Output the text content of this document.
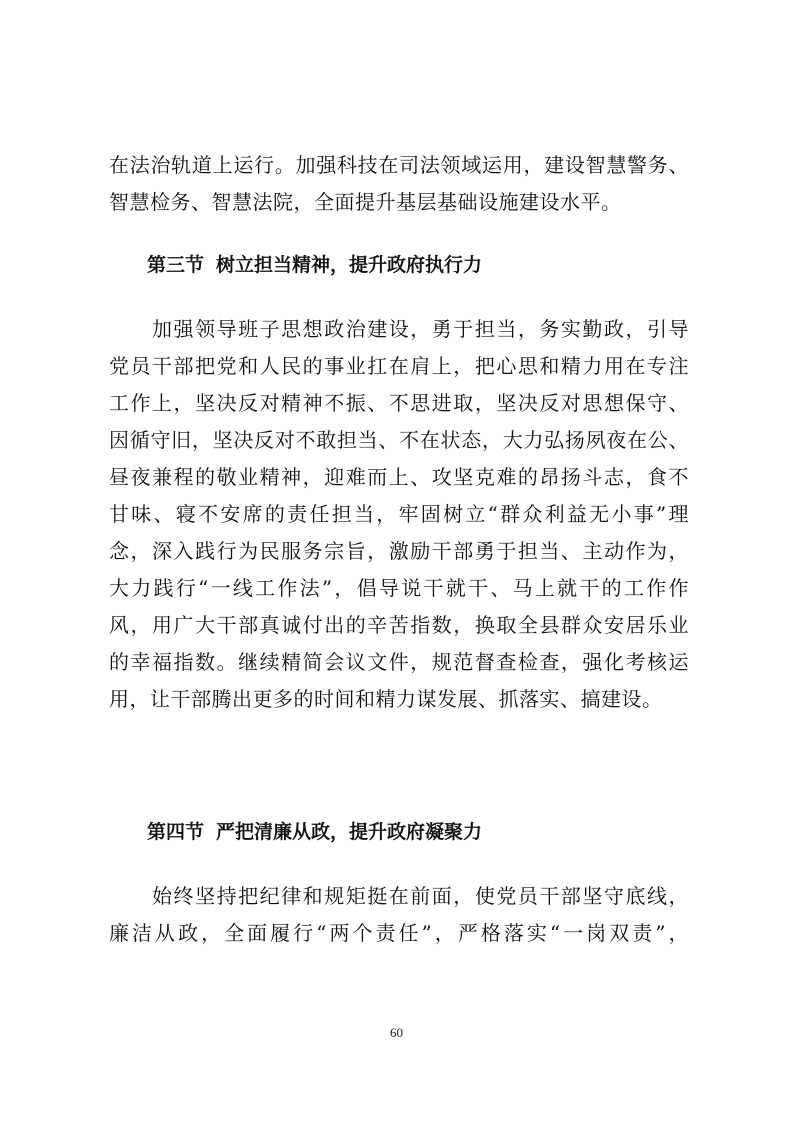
在法治轨道上运行。加强科技在司法领域运用，建设智慧警务、
智慧检务、智慧法院，全面提升基层基础设施建设水平。
第三节 树立担当精神，提升政府执行力
　　加强领导班子思想政治建设，勇于担当，务实勤政，引导
党员干部把党和人民的事业扛在肩上，把心思和精力用在专注
工作上，坚决反对精神不振、不思进取，坚决反对思想保守、
因循守旧，坚决反对不敢担当、不在状态，大力弘扬夙夜在公、
昼夜兼程的敬业精神，迎难而上、攻坚克难的昂扬斗志，食不
甘味、寝不安席的责任担当，牢固树立“群众利益无小事”理
念，深入践行为民服务宗旨，激励干部勇于担当、主动作为，
大力践行“一线工作法”，倡导说干就干、马上就干的工作作
风，用广大干部真诚付出的辛苦指数，换取全县群众安居乐业
的幸福指数。继续精简会议文件，规范督查检查，强化考核运
用，让干部腾出更多的时间和精力谋发展、抓落实、搞建设。
第四节 严把清廉从政，提升政府凝聚力
　　始终坚持把纪律和规矩挺在前面，使党员干部坚守底线，
廉洁从政，全面履行“两个责任”，严格落实“一岗双责”，
60
